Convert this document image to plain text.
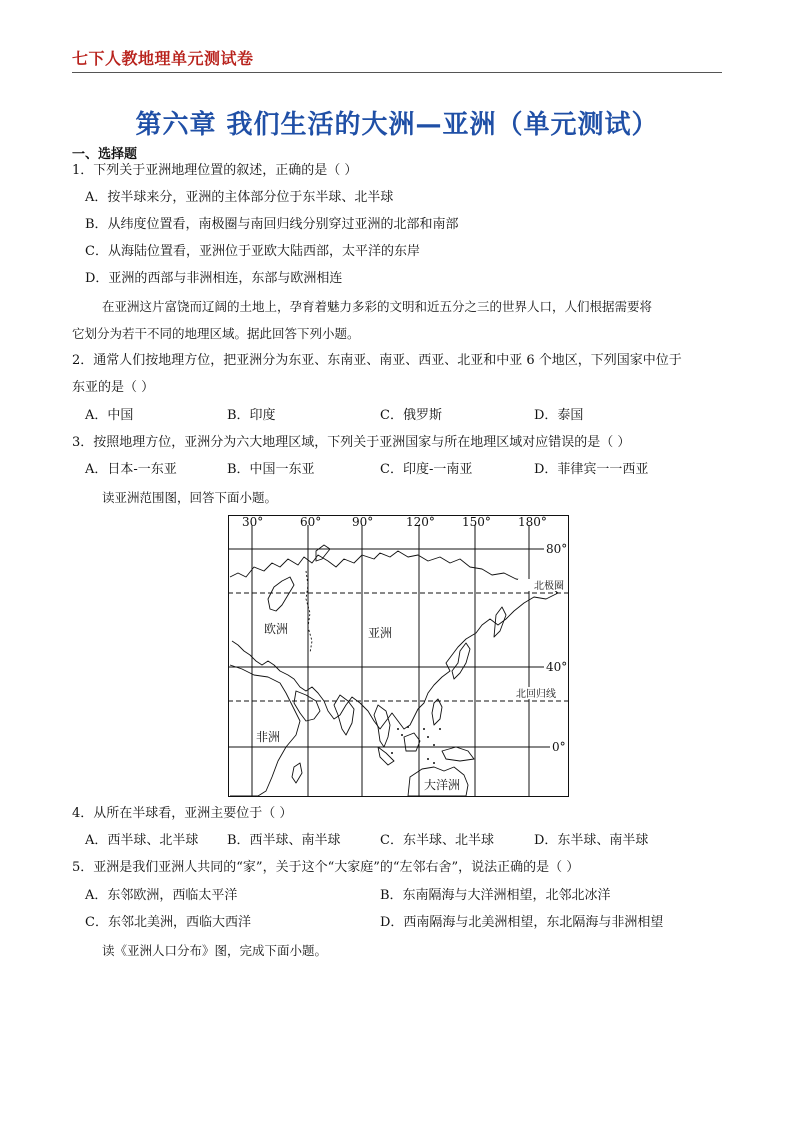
七下人教地理单元测试卷
第六章 我们生活的大洲—亚洲（单元测试）
一、选择题
1．下列关于亚洲地理位置的叙述，正确的是（ ）
A．按半球来分，亚洲的主体部分位于东半球、北半球
B．从纬度位置看，南极圈与南回归线分别穿过亚洲的北部和南部
C．从海陆位置看，亚洲位于亚欧大陆西部，太平洋的东岸
D．亚洲的西部与非洲相连，东部与欧洲相连
在亚洲这片富饶而辽阔的土地上，孕育着魅力多彩的文明和近五分之三的世界人口，人们根据需要将
它划分为若干不同的地理区域。据此回答下列小题。
2．通常人们按地理方位，把亚洲分为东亚、东南亚、南亚、西亚、北亚和中亚 6 个地区，下列国家中位于
东亚的是（ ）
A．中国	B．印度	C．俄罗斯	D．泰国
3．按照地理方位，亚洲分为六大地理区域，下列关于亚洲国家与所在地理区域对应错误的是（ ）
A．日本-一东亚	B．中国一东亚	C．印度-一南亚	D．菲律宾一一西亚
读亚洲范围图，回答下面小题。
30°	60°	90°	120° 150° 180°
80°
40°
0°
北极圈
北回归线
欧洲	亚洲
非洲
大洋洲
4．从所在半球看，亚洲主要位于（ ）
A．西半球、北半球 B．西半球、南半球	C．东半球、北半球	D．东半球、南半球
5．亚洲是我们亚洲人共同的“家”，关于这个“大家庭”的“左邻右舍”，说法正确的是（ ）
A．东邻欧洲，西临太平洋	B．东南隔海与大洋洲相望，北邻北冰洋
C．东邻北美洲，西临大西洋	D．西南隔海与北美洲相望，东北隔海与非洲相望
读《亚洲人口分布》图，完成下面小题。
